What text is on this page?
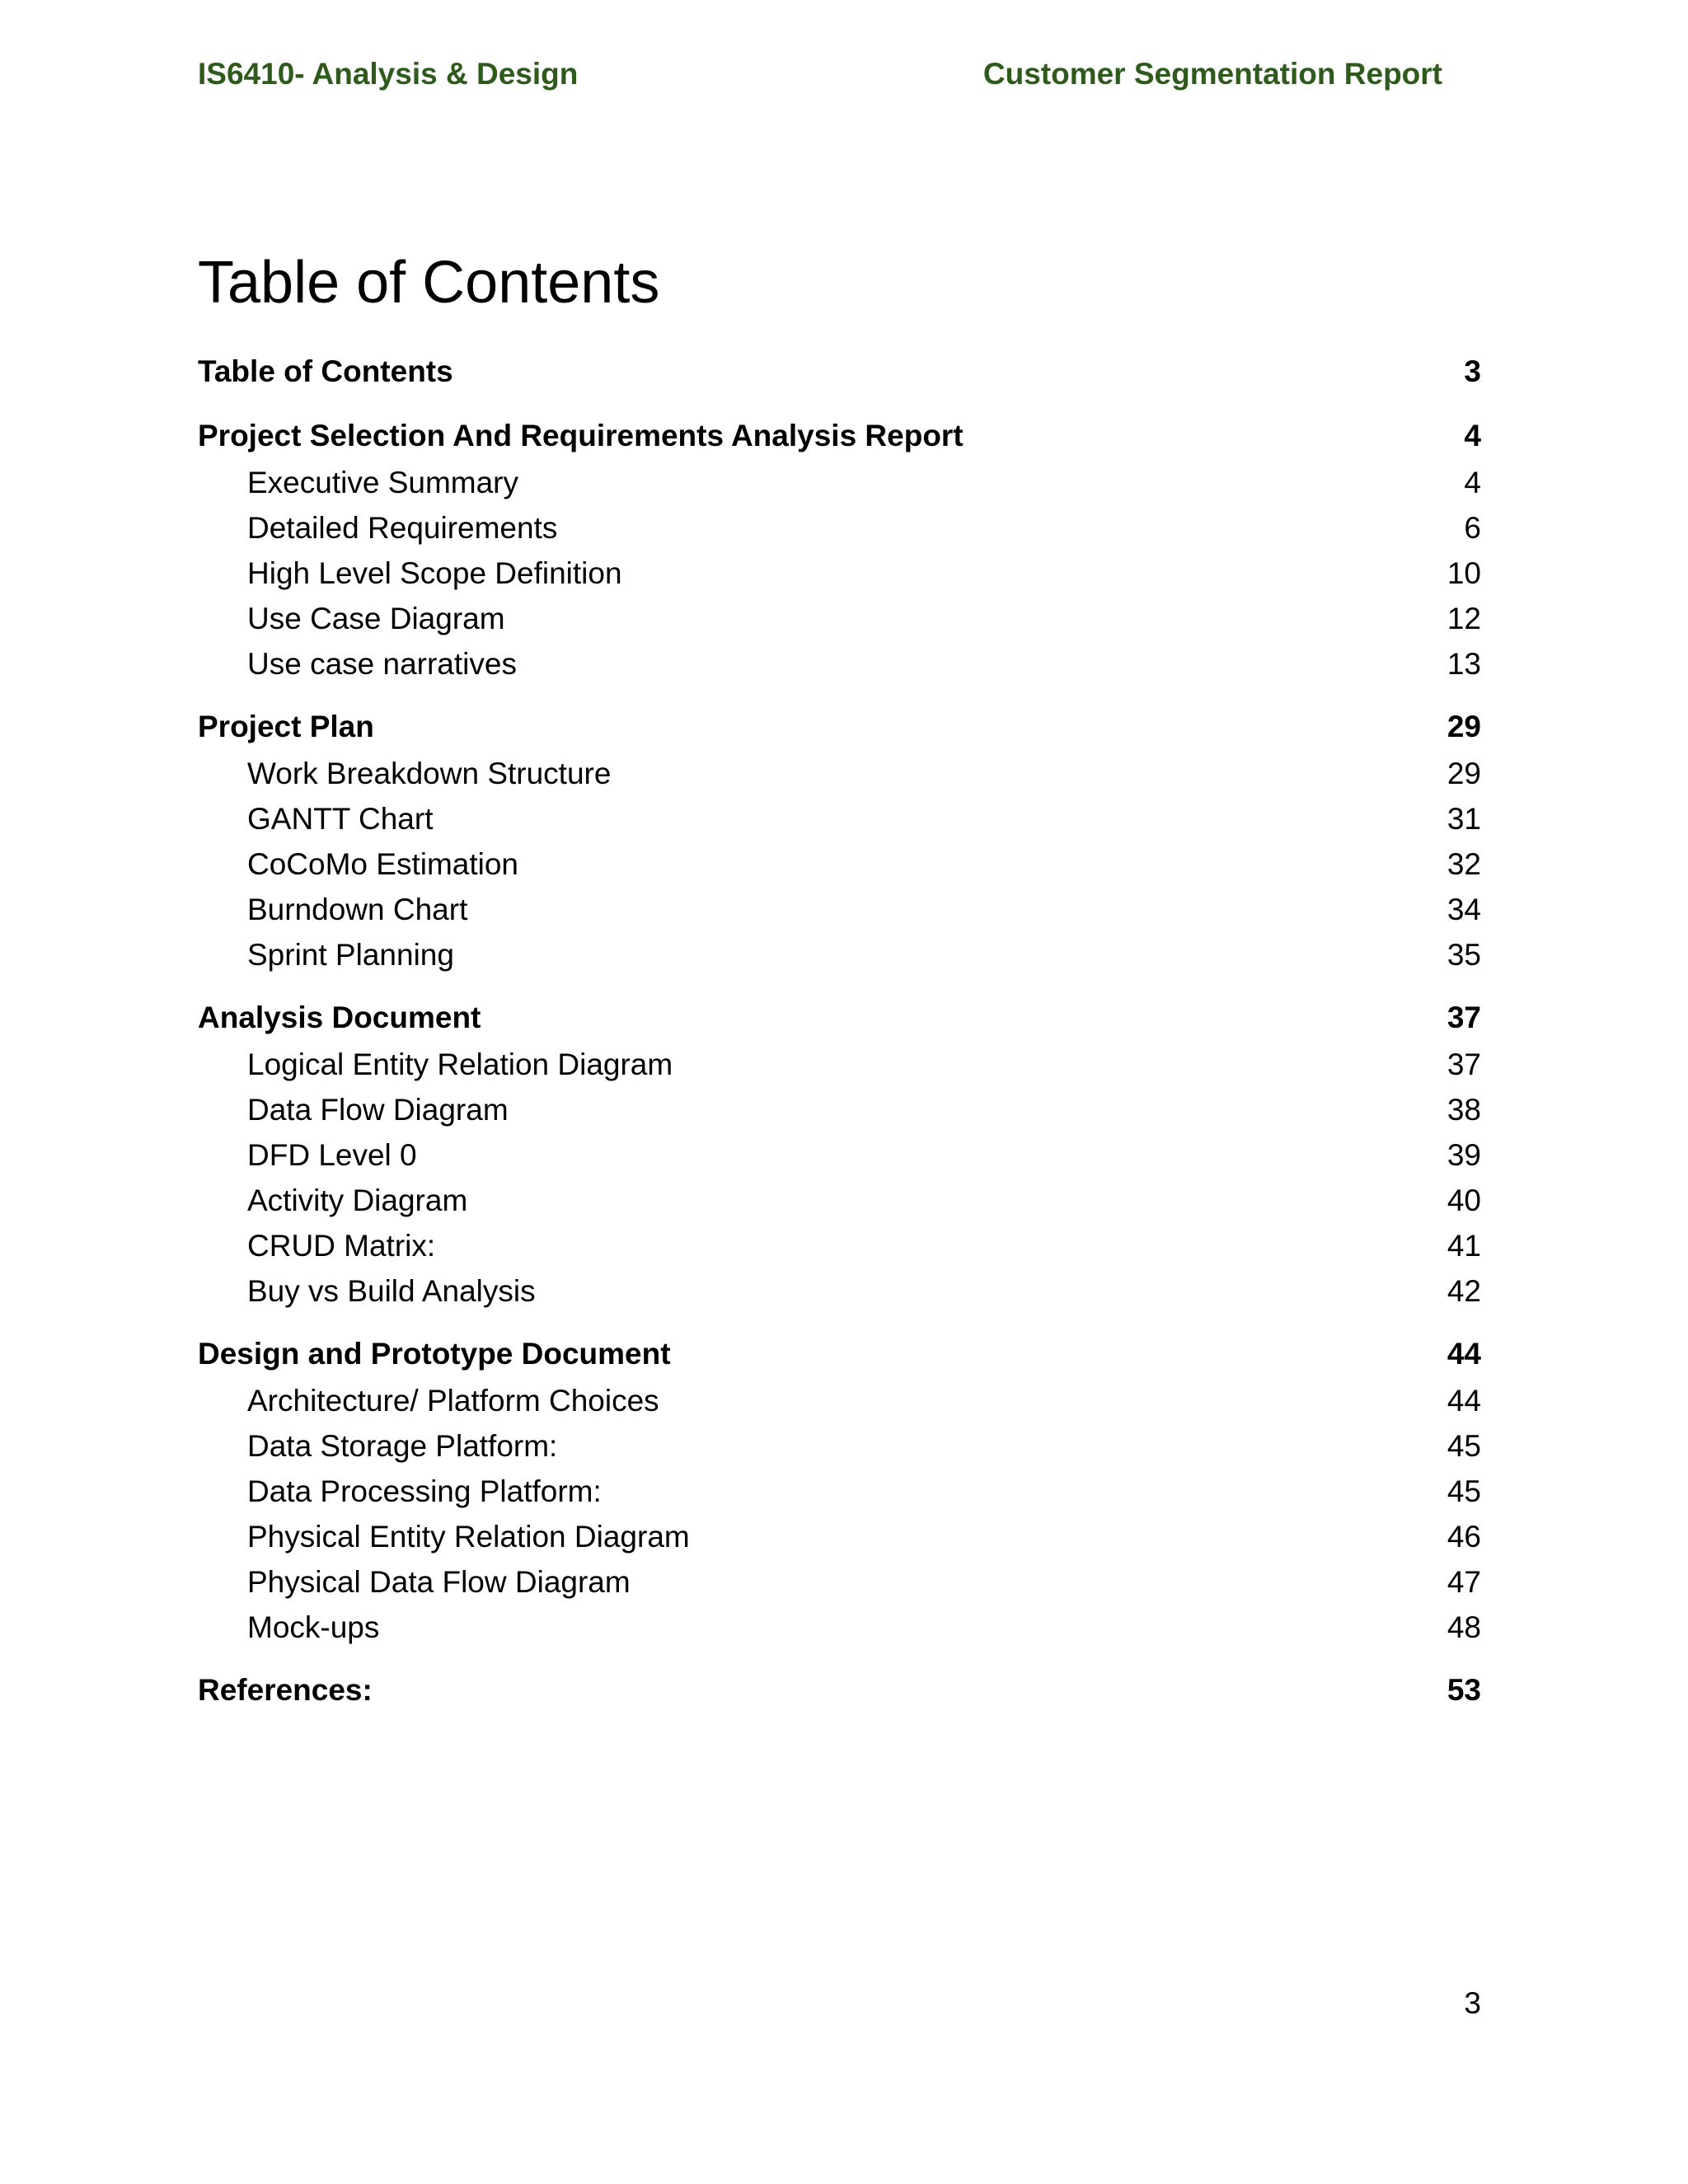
IS6410- Analysis & Design	Customer Segmentation Report
Table of Contents
Table of Contents	3
Project Selection And Requirements Analysis Report	4
Executive Summary	4
Detailed Requirements	6
High Level Scope Definition	10
Use Case Diagram	12
Use case narratives	13
Project Plan	29
Work Breakdown Structure	29
GANTT Chart	31
CoCoMo Estimation	32
Burndown Chart	34
Sprint Planning	35
Analysis Document	37
Logical Entity Relation Diagram	37
Data Flow Diagram	38
DFD Level 0	39
Activity Diagram	40
CRUD Matrix:	41
Buy vs Build Analysis	42
Design and Prototype Document	44
Architecture/ Platform Choices	44
Data Storage Platform:	45
Data Processing Platform:	45
Physical Entity Relation Diagram	46
Physical Data Flow Diagram	47
Mock-ups	48
References:	53
3
